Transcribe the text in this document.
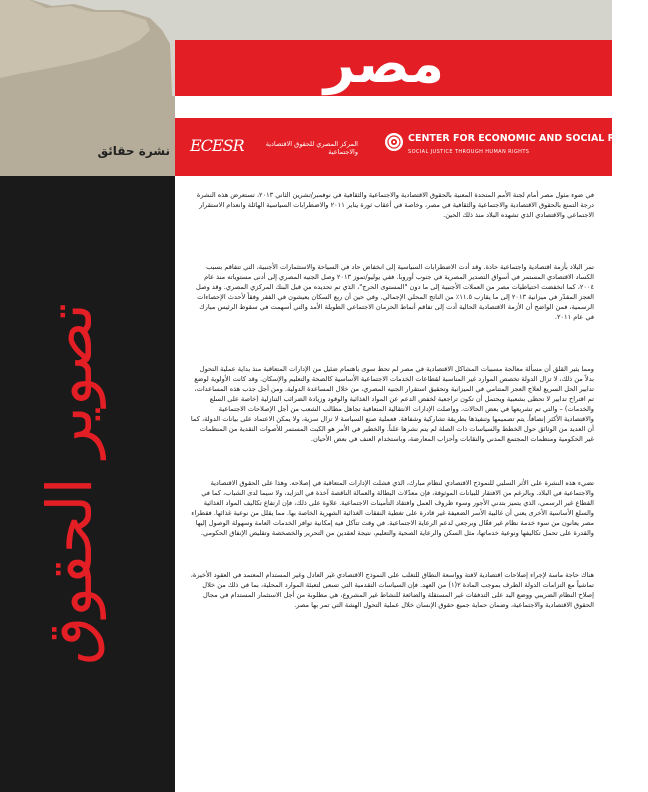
مصر
نشرة حقائق ECESR	المركز المصري للحقوق الاقتصادية والاجتماعية
CENTER FOR ECONOMIC AND SOCIAL RIGHTS
SOCIAL JUSTICE THROUGH HUMAN RIGHTS
تصوير الحقوق

في ضوء مثول مصر أمام لجنة الأمم المتحدة المعنية بالحقوق الاقتصادية والاجتماعية والثقافية في نوفمبر/تشرين الثاني ٢٠١٣، تستعرض هذه النشرة درجة التمتع بالحقوق الاقتصادية والاجتماعية والثقافية في مصر، وخاصة في أعقاب ثورة يناير ٢٠١١ والاضطرابات السياسية الهائلة وانعدام الاستقرار الاجتماعي والاقتصادي الذي تشهده البلاد منذ ذلك الحين.

تمر البلاد بأزمة اقتصادية واجتماعية حادة. وقد أدت الاضطرابات السياسية إلى انخفاض حاد في السياحة والاستثمارات الأجنبية، التي تتفاقم بسبب الكساد الاقتصادي المستمر في أسواق التصدير المصرية في جنوب أوروبا. ففي يوليو/تموز ٢٠١٣ وصل الجنيه المصري إلى أدنى مستوياته منذ عام ٢٠٠٤، كما انخفضت احتياطيات مصر من العملات الأجنبية إلى ما دون "المستوى الحرج"، الذي تم تحديده من قبل البنك المركزي المصري. وقد وصل العجز المقدّر في ميزانية ٢٠١٣ إلى ما يقارب ١١.٥٪ من الناتج المحلي الإجمالي. وفي حين أن ربع السكان يعيشون في الفقر وفقاً لأحدث الإحصاءات الرسمية، فمن الواضح أن الأزمة الاقتصادية الحالية أدت إلى تفاقم أنماط الحرمان الاجتماعي الطويلة الأمد والتي أسهمت في سقوط الرئيس مبارك في عام ٢٠١١.

ومما يثير القلق أن مسألة معالجة مسببات المشاكل الاقتصادية في مصر لم تحظ سوى باهتمام ضئيل من الإدارات المتعاقبة منذ بداية عملية التحول بدلاً من ذلك، لا تزال الدولة تخصص الموارد غير المناسبة لقطاعات الخدمات الاجتماعية الأساسية كالصحة والتعليم والإسكان. وقد كانت الأولوية لوضع تدابير الحل السريع لعلاج العجز المتنامي في الميزانية وتحقيق استقرار الجنيه المصري، من خلال المساعدة الدولية. ومن أجل جذب هذه المساعدات، تم اقتراح تدابير لا تحظى بشعبية ويحتمل أن تكون تراجعية لخفض الدعم عن المواد الغذائية والوقود وزيادة الضرائب التنازلية (خاصة على السلع والخدمات) – والتي تم تشريعها في بعض الحالات. وواصلت الإدارات الانتقالية المتعاقبة تجاهل مطالب الشعب من أجل الإصلاحات الاجتماعية والاقتصادية الأكثر إنصافاً. يتم تصميمها وتنفيذها بطريقة تشاركية وشفافة. فعملية صنع السياسة لا تزال سرية، ولا يمكن الاعتماد على بيانات الدولة، كما أن العديد من الوثائق حول الخطط والسياسات ذات الصلة لم يتم نشرها علناً. والخطير في الأمر هو الكبت المستمر للأصوات النقدية من المنظمات غير الحكومية ومنظمات المجتمع المدني والنقابات وأحزاب المعارضة، وباستخدام العنف في بعض الأحيان.

تضيء هذه النشرة على الأثر السلبي للنموذج الاقتصادي لنظام مبارك، الذي فشلت الإدارات المتعاقبة في إصلاحه. وهذا على الحقوق الاقتصادية والاجتماعية في البلاد. وبالرغم من الافتقار للبيانات الموثوقة، فإن معدّلات البطالة والعمالة الناقصة آخذة في التزايد، ولا سيما لدى الشباب، كما في القطاع غير الرسمي، الذي يتميز بتدني الأجور وسوء ظروف العمل وافتقاد التأمينات الاجتماعية. علاوة على ذلك، فإن ارتفاع تكاليف المواد الغذائية والسلع الأساسية الأخرى يعني أن غالبية الأسر الضعيفة غير قادرة على تغطية النفقات الغذائية الشهرية الخاصة بها. مما يقلل من نوعية غذائها. فقطراء مصر يعانون من سوء خدمة نظام غير فعّال وبرجعي لدعم الرعاية الاجتماعية. في وقت تتآكل فيه إمكانية توافر الخدمات العامة وسهولة الوصول إليها والقدرة على تحمل تكاليفها ونوعية خدماتها، مثل السكن والرعاية الصحية والتعليم، نتيجة لعقدين من التحرير والخصخصة وتقليص الإنفاق الحكومي.

هناك حاجة ماسة لإجراء إصلاحات اقتصادية لافتة وواسعة النطاق للتغلب على النموذج الاقتصادي غير العادل وغير المستدام المعتمد في العقود الأخيرة، تماشياً مع التزامات الدولة الطرف بموجب المادة ٢(١) من العهد. فإن السياسات التقدمية التي تسعى لتعبئة الموارد المحلية، بما في ذلك من خلال إصلاح النظام الضريبي ووضع اليد على التدفقات غير المستقلة والضائعة للنشاط غير المشروع، هي مطلوبة من أجل الاستثمار المستدام في مجال الحقوق الاقتصادية والاجتماعية، وضمان حماية جميع حقوق الإنسان خلال عملية التحول الهشة التي تمر بها مصر.
